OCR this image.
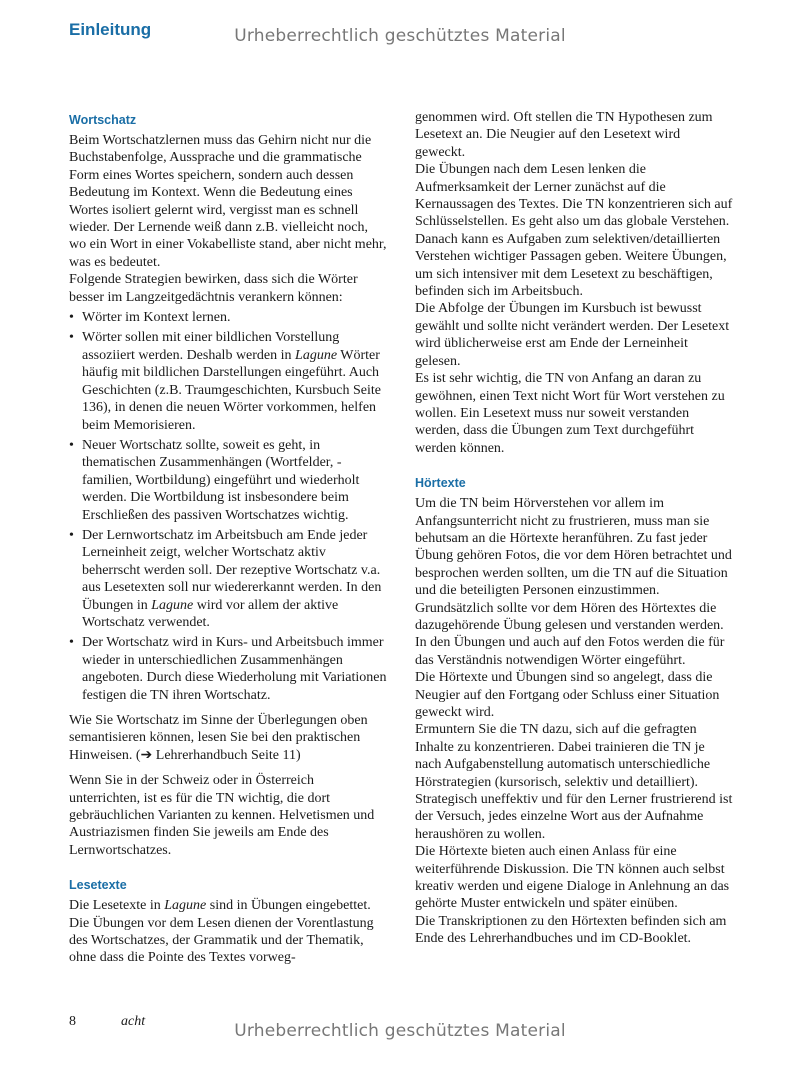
Einleitung	Urheberrechtlich geschütztes Material
Wortschatz

Beim Wortschatzlernen muss das Gehirn nicht nur die Buchstabenfolge, Aussprache und die grammatische Form eines Wortes speichern, sondern auch dessen Bedeutung im Kontext. Wenn die Bedeutung eines Wortes isoliert gelernt wird, vergisst man es schnell wieder. Der Lernende weiß dann z.B. vielleicht noch, wo ein Wort in einer Vokabelliste stand, aber nicht mehr, was es bedeutet.

Folgende Strategien bewirken, dass sich die Wörter besser im Langzeitgedächtnis verankern können:

• Wörter im Kontext lernen.
• Wörter sollen mit einer bildlichen Vorstellung assoziiert werden. Deshalb werden in Lagune Wörter häufig mit bildlichen Darstellungen eingeführt. Auch Geschichten (z.B. Traumgeschichten, Kursbuch Seite 136), in denen die neuen Wörter vorkommen, helfen beim Memorisieren.
• Neuer Wortschatz sollte, soweit es geht, in thematischen Zusammenhängen (Wortfelder, -familien, Wortbildung) eingeführt und wiederholt werden. Die Wortbildung ist insbesondere beim Erschließen des passiven Wortschatzes wichtig.
• Der Lernwortschatz im Arbeitsbuch am Ende jeder Lerneinheit zeigt, welcher Wortschatz aktiv beherrscht werden soll. Der rezeptive Wortschatz v.a. aus Lesetexten soll nur wiedererkannt werden. In den Übungen in Lagune wird vor allem der aktive Wortschatz verwendet.
• Der Wortschatz wird in Kurs- und Arbeitsbuch immer wieder in unterschiedlichen Zusammenhängen angeboten. Durch diese Wiederholung mit Variationen festigen die TN ihren Wortschatz.

Wie Sie Wortschatz im Sinne der Überlegungen oben semantisieren können, lesen Sie bei den praktischen Hinweisen. (➔ Lehrerhandbuch Seite 11)

Wenn Sie in der Schweiz oder in Österreich unterrichten, ist es für die TN wichtig, die dort gebräuchlichen Varianten zu kennen. Helvetismen und Austriazismen finden Sie jeweils am Ende des Lernwortschatzes.

Lesetexte

Die Lesetexte in Lagune sind in Übungen eingebettet. Die Übungen vor dem Lesen dienen der Vorentlastung des Wortschatzes, der Grammatik und der Thematik, ohne dass die Pointe des Textes vorweg-

genommen wird. Oft stellen die TN Hypothesen zum Lesetext an. Die Neugier auf den Lesetext wird geweckt.

Die Übungen nach dem Lesen lenken die Aufmerksamkeit der Lerner zunächst auf die Kernaussagen des Textes. Die TN konzentrieren sich auf Schlüsselstellen. Es geht also um das globale Verstehen. Danach kann es Aufgaben zum selektiven/detaillierten Verstehen wichtiger Passagen geben. Weitere Übungen, um sich intensiver mit dem Lesetext zu beschäftigen, befinden sich im Arbeitsbuch.

Die Abfolge der Übungen im Kursbuch ist bewusst gewählt und sollte nicht verändert werden. Der Lesetext wird üblicherweise erst am Ende der Lerneinheit gelesen.

Es ist sehr wichtig, die TN von Anfang an daran zu gewöhnen, einen Text nicht Wort für Wort verstehen zu wollen. Ein Lesetext muss nur soweit verstanden werden, dass die Übungen zum Text durchgeführt werden können.

Hörtexte

Um die TN beim Hörverstehen vor allem im Anfangsunterricht nicht zu frustrieren, muss man sie behutsam an die Hörtexte heranführen. Zu fast jeder Übung gehören Fotos, die vor dem Hören betrachtet und besprochen werden sollten, um die TN auf die Situation und die beteiligten Personen einzustimmen. Grundsätzlich sollte vor dem Hören des Hörtextes die dazugehörende Übung gelesen und verstanden werden. In den Übungen und auch auf den Fotos werden die für das Verständnis notwendigen Wörter eingeführt.

Die Hörtexte und Übungen sind so angelegt, dass die Neugier auf den Fortgang oder Schluss einer Situation geweckt wird.

Ermuntern Sie die TN dazu, sich auf die gefragten Inhalte zu konzentrieren. Dabei trainieren die TN je nach Aufgabenstellung automatisch unterschiedliche Hörstrategien (kursorisch, selektiv und detailliert). Strategisch uneffektiv und für den Lerner frustrierend ist der Versuch, jedes einzelne Wort aus der Aufnahme heraushören zu wollen.

Die Hörtexte bieten auch einen Anlass für eine weiterführende Diskussion. Die TN können auch selbst kreativ werden und eigene Dialoge in Anlehnung an das gehörte Muster entwickeln und später einüben.

Die Transkriptionen zu den Hörtexten befinden sich am Ende des Lehrerhandbuches und im CD-Booklet.

8	acht	Urheberrechtlich geschütztes Material
